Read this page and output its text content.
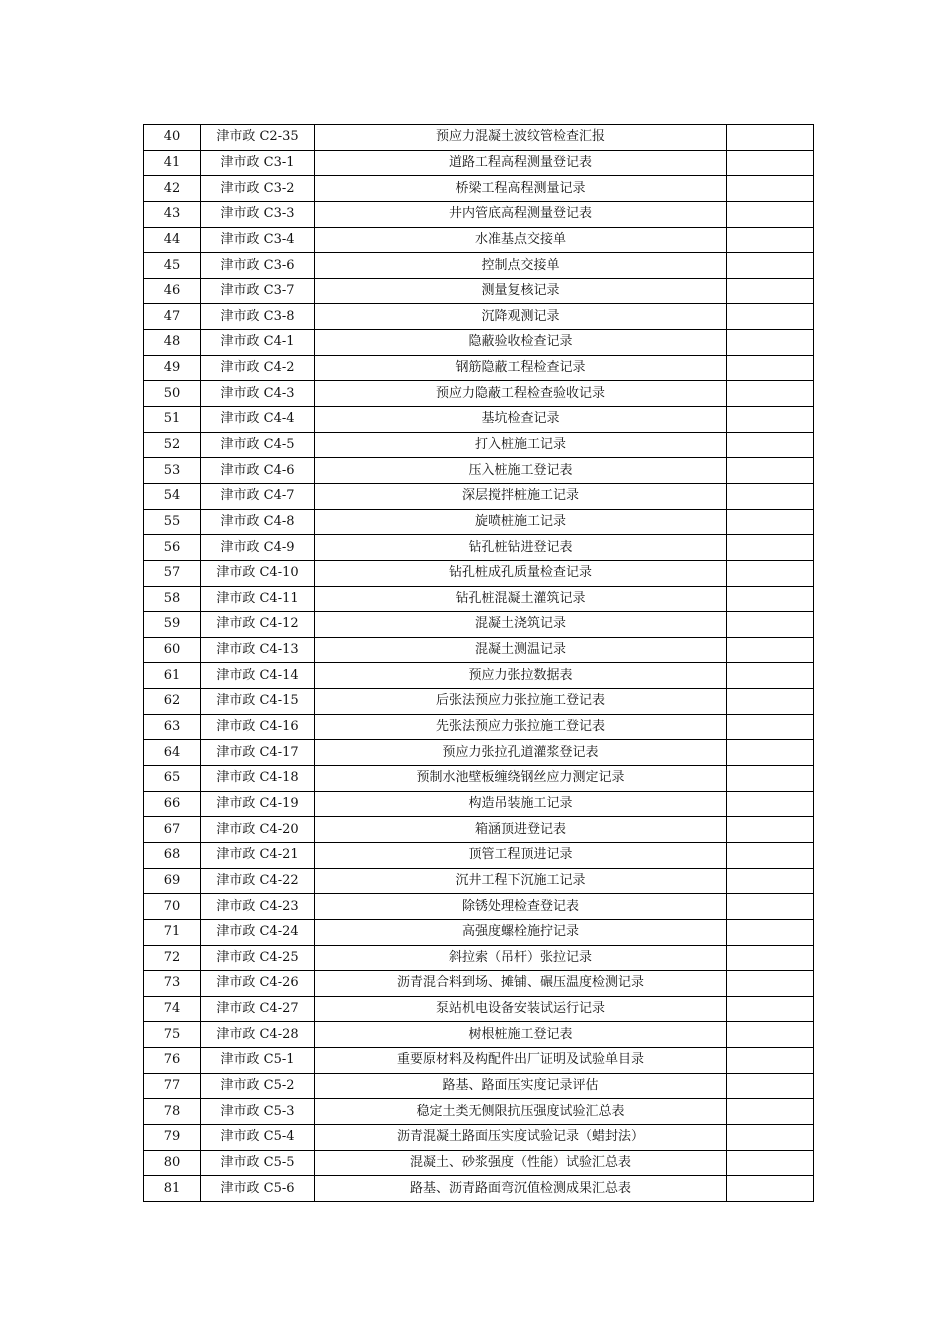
40	津市政 C2-35	预应力混凝土波纹管检查汇报	
41	津市政 C3-1	道路工程高程测量登记表	
42	津市政 C3-2	桥梁工程高程测量记录	
43	津市政 C3-3	井内管底高程测量登记表	
44	津市政 C3-4	水准基点交接单	
45	津市政 C3-6	控制点交接单	
46	津市政 C3-7	测量复核记录	
47	津市政 C3-8	沉降观测记录	
48	津市政 C4-1	隐蔽验收检查记录	
49	津市政 C4-2	钢筋隐蔽工程检查记录	
50	津市政 C4-3	预应力隐蔽工程检查验收记录	
51	津市政 C4-4	基坑检查记录	
52	津市政 C4-5	打入桩施工记录	
53	津市政 C4-6	压入桩施工登记表	
54	津市政 C4-7	深层搅拌桩施工记录	
55	津市政 C4-8	旋喷桩施工记录	
56	津市政 C4-9	钻孔桩钻进登记表	
57	津市政 C4-10	钻孔桩成孔质量检查记录	
58	津市政 C4-11	钻孔桩混凝土灌筑记录	
59	津市政 C4-12	混凝土浇筑记录	
60	津市政 C4-13	混凝土测温记录	
61	津市政 C4-14	预应力张拉数据表	
62	津市政 C4-15	后张法预应力张拉施工登记表	
63	津市政 C4-16	先张法预应力张拉施工登记表	
64	津市政 C4-17	预应力张拉孔道灌浆登记表	
65	津市政 C4-18	预制水池壁板缠绕钢丝应力测定记录	
66	津市政 C4-19	构造吊装施工记录	
67	津市政 C4-20	箱涵顶进登记表	
68	津市政 C4-21	顶管工程顶进记录	
69	津市政 C4-22	沉井工程下沉施工记录	
70	津市政 C4-23	除锈处理检查登记表	
71	津市政 C4-24	高强度螺栓施拧记录	
72	津市政 C4-25	斜拉索（吊杆）张拉记录	
73	津市政 C4-26	沥青混合料到场、摊铺、碾压温度检测记录	
74	津市政 C4-27	泵站机电设备安装试运行记录	
75	津市政 C4-28	树根桩施工登记表	
76	津市政 C5-1	重要原材料及构配件出厂证明及试验单目录	
77	津市政 C5-2	路基、路面压实度记录评估	
78	津市政 C5-3	稳定土类无侧限抗压强度试验汇总表	
79	津市政 C5-4	沥青混凝土路面压实度试验记录（蜡封法）	
80	津市政 C5-5	混凝土、砂浆强度（性能）试验汇总表	
81	津市政 C5-6	路基、沥青路面弯沉值检测成果汇总表	
